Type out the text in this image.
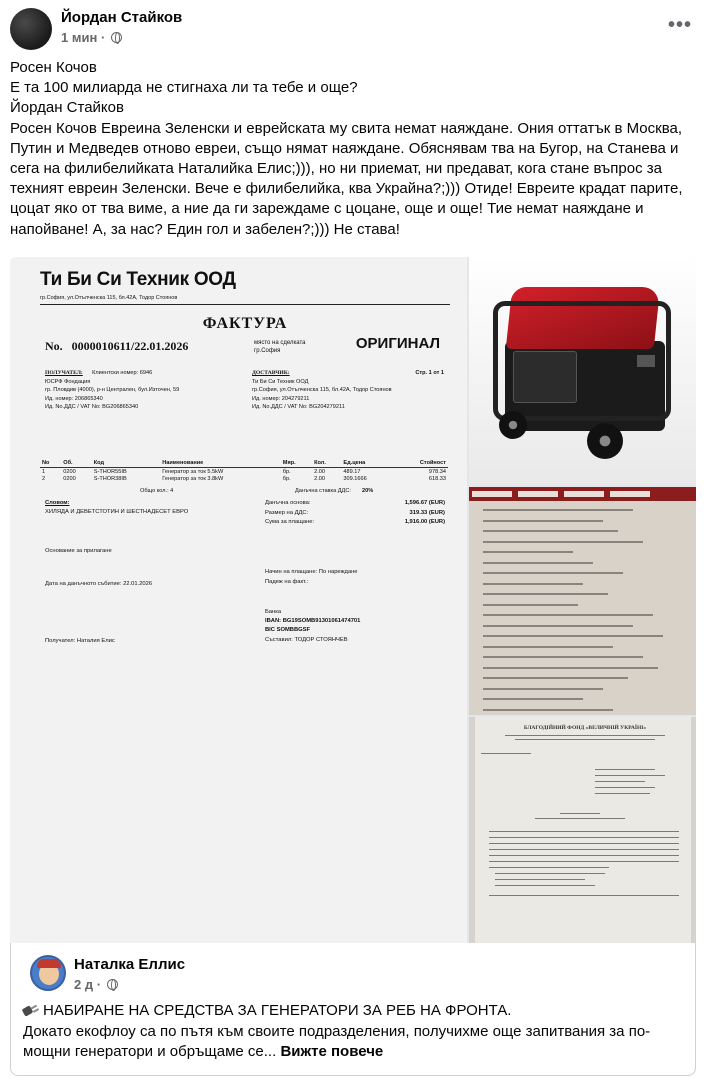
Йордан Стайков
1 мин ·
•••

Росен Кочов

Е та 100 милиарда не стигнаха ли та тебе и още?

Йордан Стайков

Росен Кочов Евреина Зеленски и еврейската му свита немат наяждане. Ония оттатък в Москва, Путин и Медведев отново евреи, също нямат наяждане. Обяснявам тва на Бугор, на Станева и сега на филибелийката Наталийка Елис;))), но ни приемат, ни предават, кога стане въпрос за техният евреин Зеленски. Вече е филибелийка, ква Украйна?;))) Отиде! Евреите крадат парите, цоцат яко от тва виме, а ние да ги зареждаме с цоцане, още и още! Тие немат наяждане и напойване! А, за нас? Един гол и забелен?;))) Не става!

Ти Би Си Техник ООД
гр.София, ул.Отълченска 115, бл.42А, Тодор Стоянов
ФАКТУРА
No. 0000010611/22.01.2026	място на сделката
гр.София	ОРИГИНАЛ
ПОЛУЧАТЕЛ: Клиентски номер: 6946
ЮСРФ Фондация
гр. Пловдив (4000), р-н Централен, бул.Източен, 59
Ид. номер: 206865340
Ид. No.ДДС / VAT No: BG206865340
ДОСТАВЧИК:
Ти Би Си Техник ООД
гр.София, ул.Отълченска 115, бл.42А, Тодор Стоянов
Ид. номер: 204279211
Ид. No.ДДС / VAT No: BG204279211
Стр. 1 от 1
No	Об.	Код	Наименование	Мяр.	Кол.	Ед.цена	Стойност
1	0200	S-THOR55IB	Генератор за ток 5.5kW	бр.	2.00	489.17	978.34
2	0200	S-THOR38IB	Генератор за ток 3.8kW	бр.	2.00	309.1666	618.33
Общо кол.: 4	Данъчна ставка ДДС: 20%
Словом:
ХИЛЯДА И ДЕВЕТСТОТИН И ШЕСТНАДЕСЕТ ЕВРО
Данъчна основа:	1,596.67 (EUR)
Размер на ДДС:	319.33 (EUR)
Сума за плащане:	1,916.00 (EUR)
Основание за прилагане
Дата на данъчното събитие: 22.01.2026
Начин на плащане: По нареждане
Падеж на факт.:
Банка
IBAN: BG19SOMB91301061474701
BIC SOMBBGSF
Получател: Наталия Елис	Съставил: ТОДОР СТОЯНЧЕВ
БЛАГОДІЙНИЙ ФОНД «ВЕЛИЧНІЙ УКРАЇНІ»
Наталка Еллис
2 д ·
НАБИРАНЕ НА СРЕДСТВА ЗА ГЕНЕРАТОРИ ЗА РЕБ НА ФРОНТА.
Докато екофлоу са по пътя към своите подразделения, получихме още запитвания за по-мощни генератори и обръщаме се... Вижте повече
